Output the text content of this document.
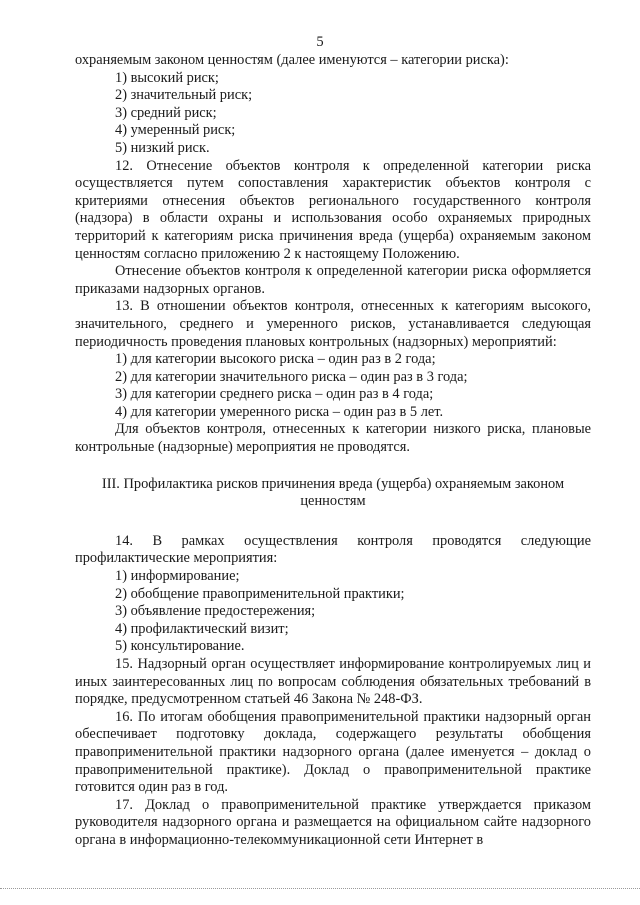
5

охраняемым законом ценностям (далее именуются – категории риска):

1) высокий риск;

2) значительный риск;

3) средний риск;

4) умеренный риск;

5) низкий риск.

12. Отнесение объектов контроля к определенной категории риска осуществляется путем сопоставления характеристик объектов контроля с критериями отнесения объектов регионального государственного контроля (надзора) в области охраны и использования особо охраняемых природных территорий к категориям риска причинения вреда (ущерба) охраняемым законом ценностям согласно приложению 2 к настоящему Положению.

Отнесение объектов контроля к определенной категории риска оформляется приказами надзорных органов.

13. В отношении объектов контроля, отнесенных к категориям высокого, значительного, среднего и умеренного рисков, устанавливается следующая периодичность проведения плановых контрольных (надзорных) мероприятий:

1) для категории высокого риска – один раз в 2 года;

2) для категории значительного риска – один раз в 3 года;

3) для категории среднего риска – один раз в 4 года;

4) для категории умеренного риска – один раз в 5 лет.

Для объектов контроля, отнесенных к категории низкого риска, плановые контрольные (надзорные) мероприятия не проводятся.

III. Профилактика рисков причинения вреда (ущерба) охраняемым законом ценностям

14. В рамках осуществления контроля проводятся следующие профилактические мероприятия:

1) информирование;

2) обобщение правоприменительной практики;

3) объявление предостережения;

4) профилактический визит;

5) консультирование.

15. Надзорный орган осуществляет информирование контролируемых лиц и иных заинтересованных лиц по вопросам соблюдения обязательных требований в порядке, предусмотренном статьей 46 Закона № 248-ФЗ.

16. По итогам обобщения правоприменительной практики надзорный орган обеспечивает подготовку доклада, содержащего результаты обобщения правоприменительной практики надзорного органа (далее именуется – доклад о правоприменительной практике). Доклад о правоприменительной практике готовится один раз в год.

17. Доклад о правоприменительной практике утверждается приказом руководителя надзорного органа и размещается на официальном сайте надзорного органа в информационно-телекоммуникационной сети Интернет в
